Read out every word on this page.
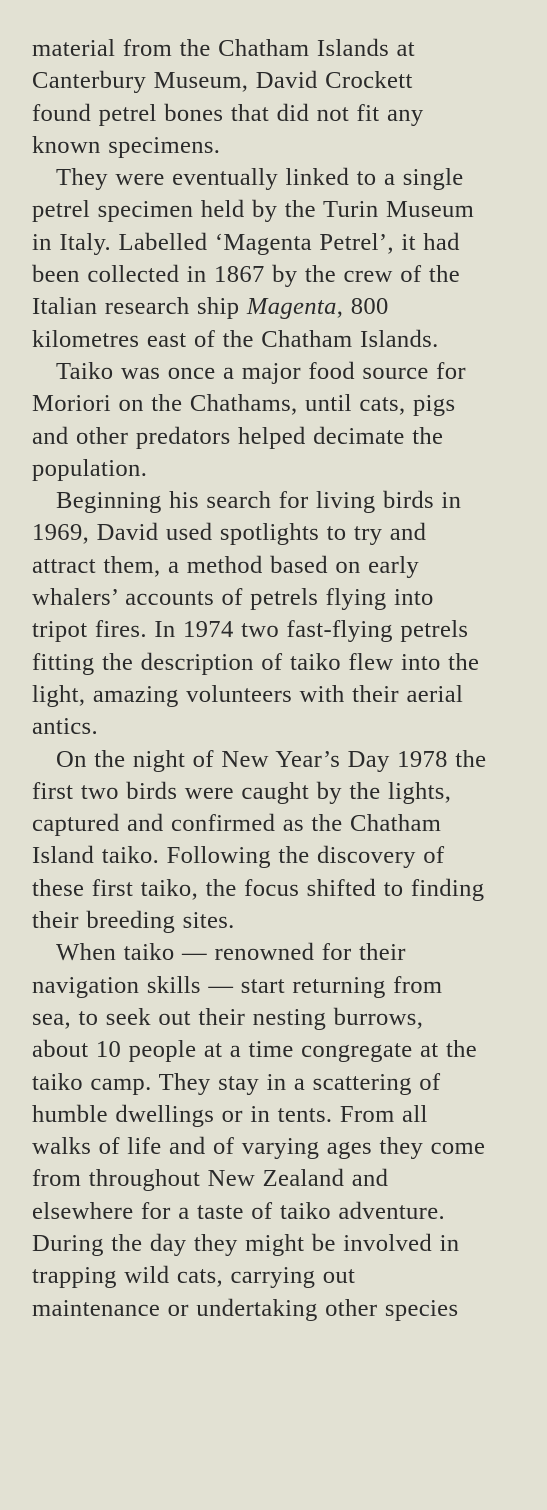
material from the Chatham Islands at
Canterbury Museum, David Crockett
found petrel bones that did not fit any
known specimens.

They were eventually linked to a single
petrel specimen held by the Turin Museum
in Italy. Labelled ‘Magenta Petrel’, it had
been collected in 1867 by the crew of the
Italian research ship Magenta, 800
kilometres east of the Chatham Islands.

Taiko was once a major food source for
Moriori on the Chathams, until cats, pigs
and other predators helped decimate the
population.

Beginning his search for living birds in
1969, David used spotlights to try and
attract them, a method based on early
whalers’ accounts of petrels flying into
tripot fires. In 1974 two fast-flying petrels
fitting the description of taiko flew into the
light, amazing volunteers with their aerial
antics.

On the night of New Year’s Day 1978 the
first two birds were caught by the lights,
captured and confirmed as the Chatham
Island taiko. Following the discovery of
these first taiko, the focus shifted to finding
their breeding sites.

When taiko — renowned for their
navigation skills — start returning from
sea, to seek out their nesting burrows,
about 10 people at a time congregate at the
taiko camp. They stay in a scattering of
humble dwellings or in tents. From all
walks of life and of varying ages they come
from throughout New Zealand and
elsewhere for a taste of taiko adventure.
During the day they might be involved in
trapping wild cats, carrying out
maintenance or undertaking other species
